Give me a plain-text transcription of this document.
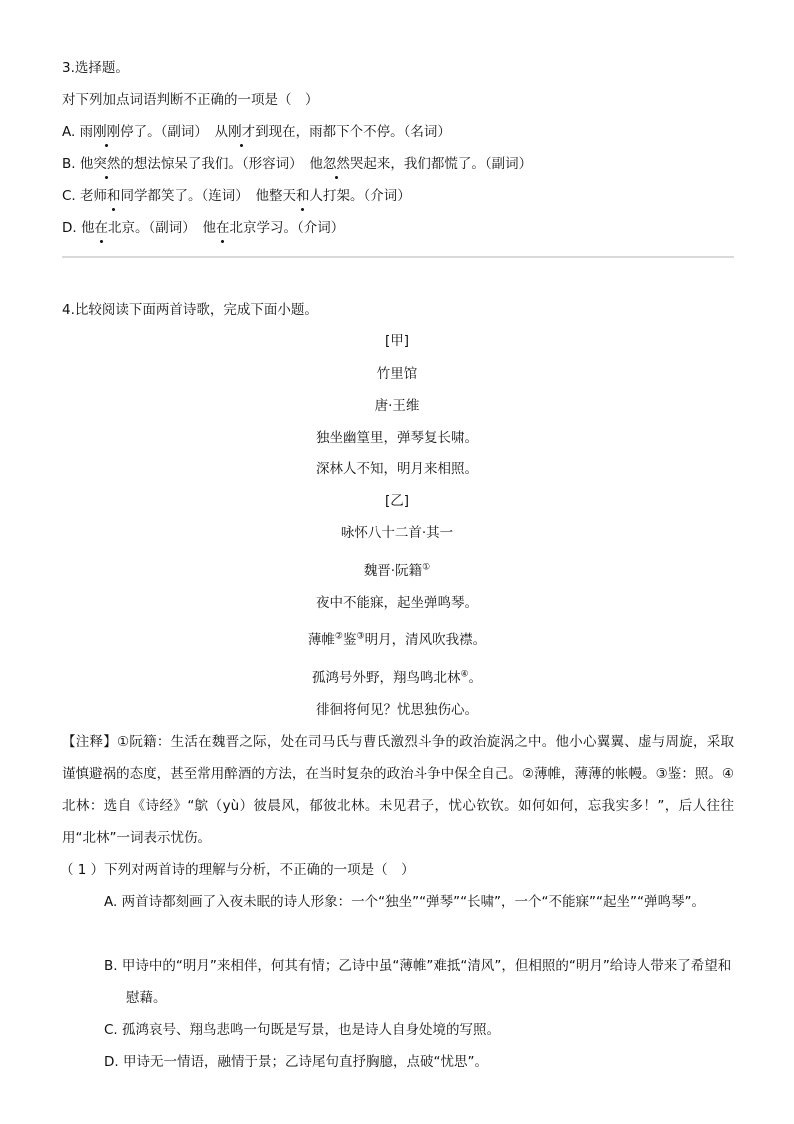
3.选择题。
对下列加点词语判断不正确的一项是（　）
A. 雨刚刚停了。（副词）　从刚才到现在，雨都下个不停。（名词）
B. 他突然的想法惊呆了我们。（形容词）　他忽然哭起来，我们都慌了。（副词）
C. 老师和同学都笑了。（连词）　他整天和人打架。（介词）
D. 他在北京。（副词）　他在北京学习。（介词）
4.比较阅读下面两首诗歌，完成下面小题。
[甲]
竹里馆
唐·王维
独坐幽篁里，弹琴复长啸。
深林人不知，明月来相照。
[乙]
咏怀八十二首·其一
魏晋·阮籍①
夜中不能寐，起坐弹鸣琴。
薄帷②鉴③明月，清风吹我襟。
孤鸿号外野，翔鸟鸣北林④。
徘徊将何见？忧思独伤心。
【注释】①阮籍：生活在魏晋之际，处在司马氏与曹氏激烈斗争的政治旋涡之中。他小心翼翼、虚与周旋，采取谨慎避祸的态度，甚至常用醉酒的方法，在当时复杂的政治斗争中保全自己。②薄帷，薄薄的帐幔。③鉴：照。④北林：选自《诗经》“鴥（yù）彼晨风，郁彼北林。未见君子，忧心钦钦。如何如何，忘我实多！”，后人往往用“北林”一词表示忧伤。
（ 1 ）下列对两首诗的理解与分析，不正确的一项是（　）
A. 两首诗都刻画了入夜未眠的诗人形象：一个“独坐”“弹琴”“长啸”，一个“不能寐”“起坐”“弹鸣琴”。
B. 甲诗中的“明月”来相伴，何其有情；乙诗中虽“薄帷”难抵“清风”，但相照的“明月”给诗人带来了希望和慰藉。
C. 孤鸿哀号、翔鸟悲鸣一句既是写景，也是诗人自身处境的写照。
D. 甲诗无一情语，融情于景；乙诗尾句直抒胸臆，点破“忧思”。
